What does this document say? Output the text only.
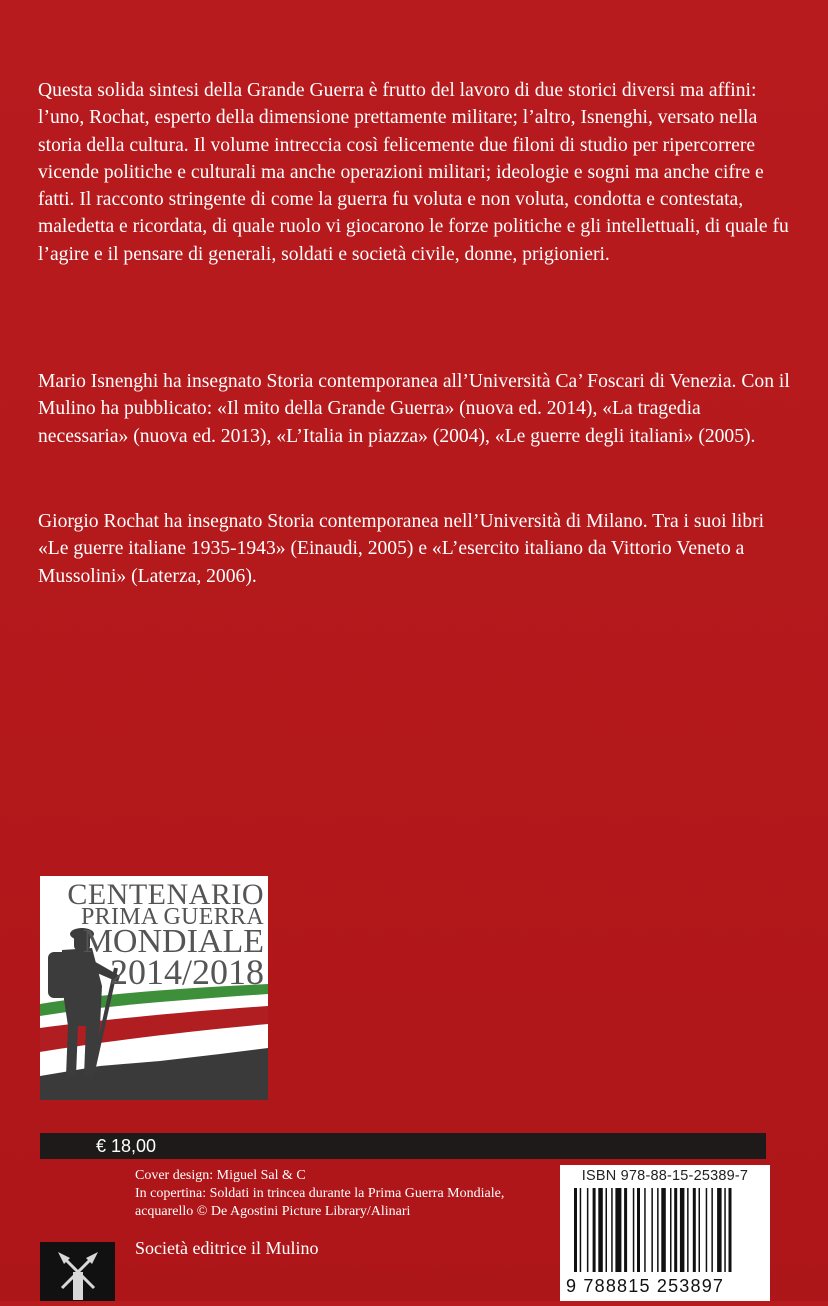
Questa solida sintesi della Grande Guerra è frutto del lavoro di due storici diversi ma affini: l’uno, Rochat, esperto della dimensione prettamente militare; l’altro, Isnenghi, versato nella storia della cultura. Il volume intreccia così felicemente due filoni di studio per ripercorrere vicende politiche e culturali ma anche operazioni militari; ideologie e sogni ma anche cifre e fatti. Il racconto stringente di come la guerra fu voluta e non voluta, condotta e contestata, maledetta e ricordata, di quale ruolo vi giocarono le forze politiche e gli intellettuali, di quale fu l’agire e il pensare di generali, soldati e società civile, donne, prigionieri.

Mario Isnenghi ha insegnato Storia contemporanea all’Università Ca’ Foscari di Venezia. Con il Mulino ha pubblicato: «Il mito della Grande Guerra» (nuova ed. 2014), «La tragedia necessaria» (nuova ed. 2013), «L’Italia in piazza» (2004), «Le guerre degli italiani» (2005).

Giorgio Rochat ha insegnato Storia contemporanea nell’Università di Milano. Tra i suoi libri «Le guerre italiane 1935-1943» (Einaudi, 2005) e «L’esercito italiano da Vittorio Veneto a Mussolini» (Laterza, 2006).

CENTENARIO
PRIMA GUERRA
MONDIALE
2014/2018
€ 18,00
Cover design: Miguel Sal & C
In copertina: Soldati in trincea durante la Prima Guerra Mondiale,
acquarello © De Agostini Picture Library/Alinari
Società editrice il Mulino
ISBN 978-88-15-25389-7
9 788815 253897
